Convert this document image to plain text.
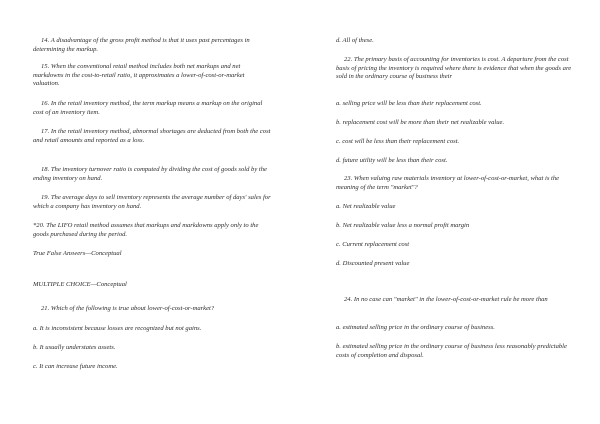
14. A disadvantage of the gross profit method is that it uses past percentages in determining the markup.
15. When the conventional retail method includes both net markups and net markdowns in the cost-to-retail ratio, it approximates a lower-of-cost-or-market valuation.
16. In the retail inventory method, the term markup means a markup on the original cost of an inventory item.
17. In the retail inventory method, abnormal shortages are deducted from both the cost and retail amounts and reported as a loss.
18. The inventory turnover ratio is computed by dividing the cost of goods sold by the ending inventory on hand.
19. The average days to sell inventory represents the average number of days' sales for which a company has inventory on hand.
*20. The LIFO retail method assumes that markups and markdowns apply only to the goods purchased during the period.
True False Answers—Conceptual
MULTIPLE CHOICE—Conceptual
21. Which of the following is true about lower-of-cost-or-market?
a. It is inconsistent because losses are recognized but not gains.
b. It usually understates assets.
c. It can increase future income.
d. All of these.
22. The primary basis of accounting for inventories is cost. A departure from the cost basis of pricing the inventory is required where there is evidence that when the goods are sold in the ordinary course of business their
a. selling price will be less than their replacement cost.
b. replacement cost will be more than their net realizable value.
c. cost will be less than their replacement cost.
d. future utility will be less than their cost.
23. When valuing raw materials inventory at lower-of-cost-or-market, what is the meaning of the term "market"?
a. Net realizable value
b. Net realizable value less a normal profit margin
c. Current replacement cost
d. Discounted present value
24. In no case can "market" in the lower-of-cost-or-market rule be more than
a. estimated selling price in the ordinary course of business.
b. estimated selling price in the ordinary course of business less reasonably predictable costs of completion and disposal.
